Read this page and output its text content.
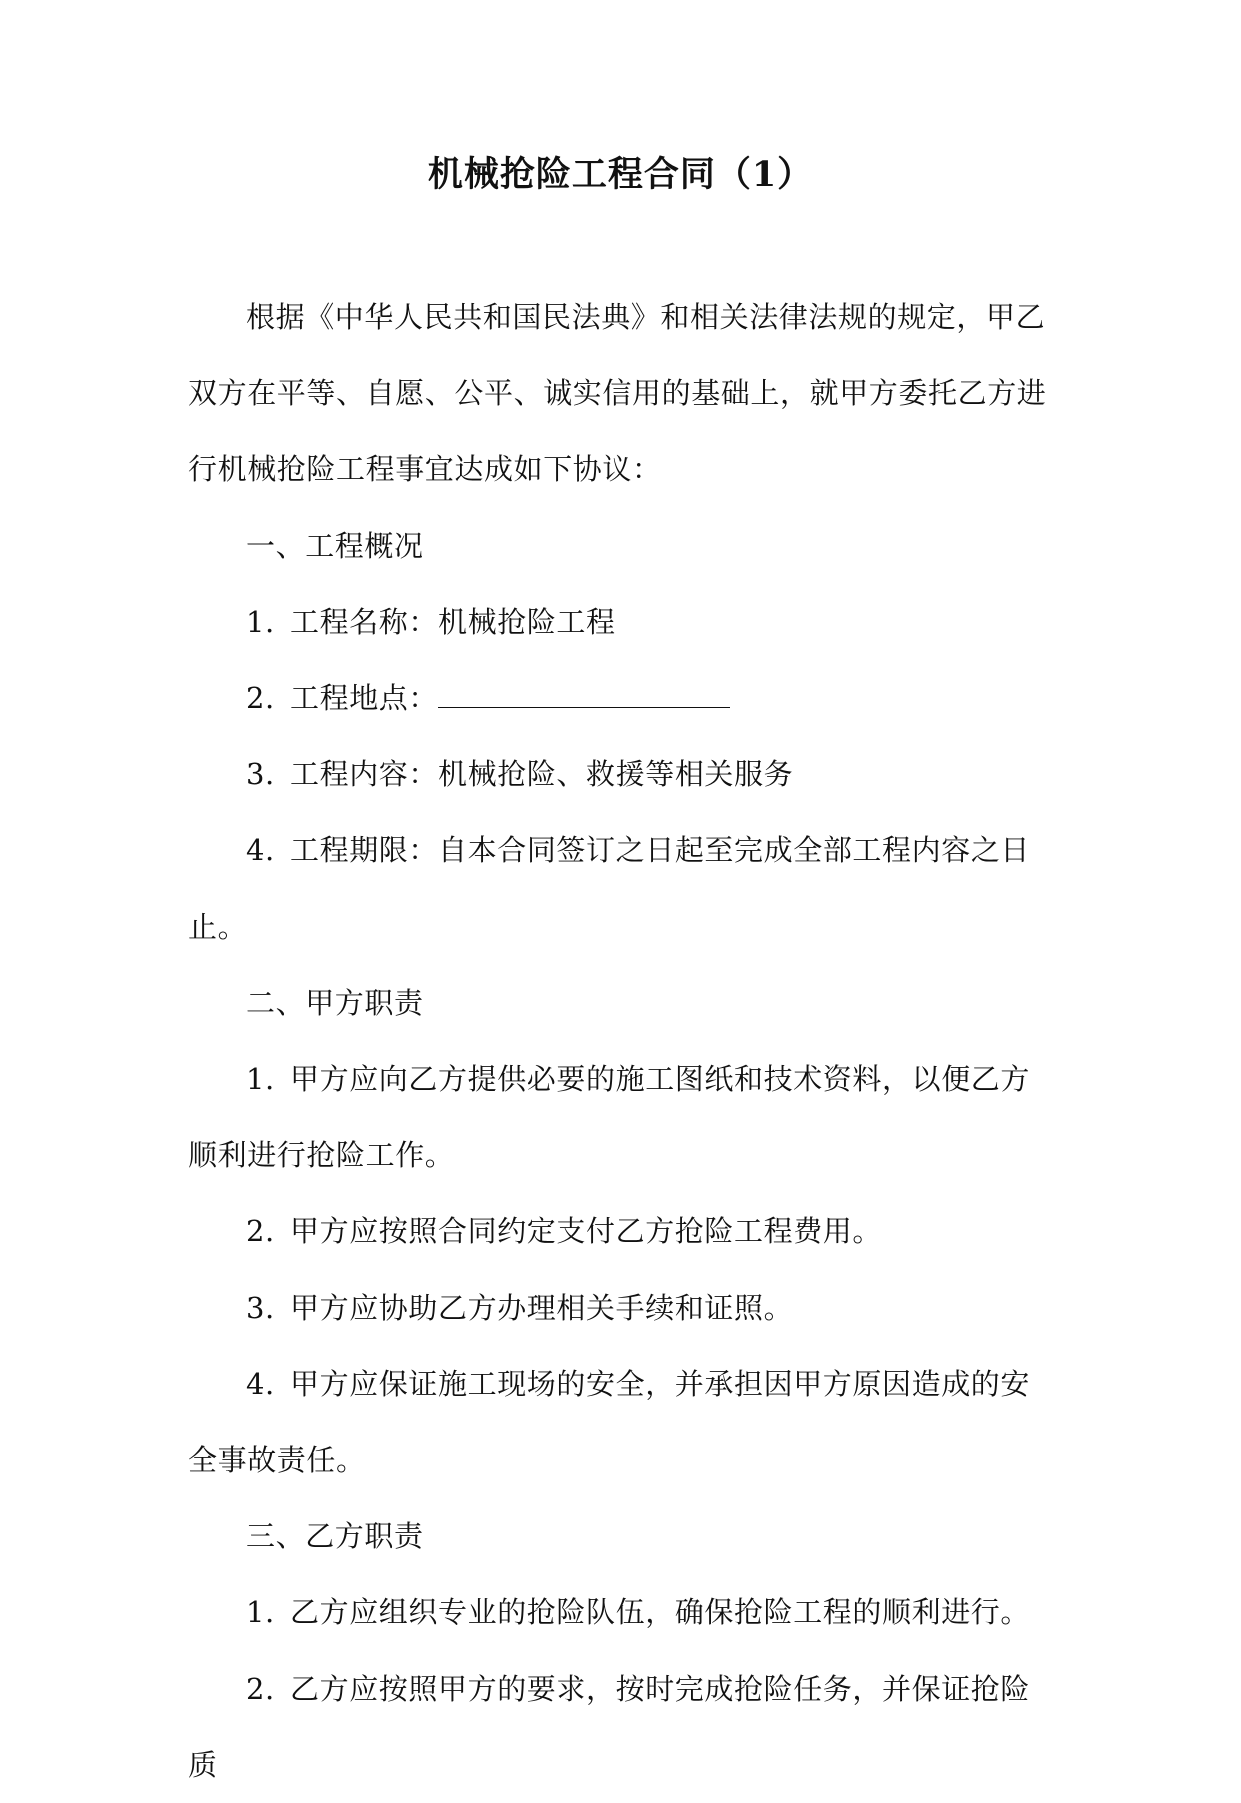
机械抢险工程合同（1）

根据《中华人民共和国民法典》和相关法律法规的规定，甲乙双方在平等、自愿、公平、诚实信用的基础上，就甲方委托乙方进行机械抢险工程事宜达成如下协议：

一、工程概况

1. 工程名称：机械抢险工程

2. 工程地点：

3. 工程内容：机械抢险、救援等相关服务

4. 工程期限：自本合同签订之日起至完成全部工程内容之日止。

二、甲方职责

1. 甲方应向乙方提供必要的施工图纸和技术资料，以便乙方顺利进行抢险工作。

2. 甲方应按照合同约定支付乙方抢险工程费用。

3. 甲方应协助乙方办理相关手续和证照。

4. 甲方应保证施工现场的安全，并承担因甲方原因造成的安全事故责任。

三、乙方职责

1. 乙方应组织专业的抢险队伍，确保抢险工程的顺利进行。

2. 乙方应按照甲方的要求，按时完成抢险任务，并保证抢险质
